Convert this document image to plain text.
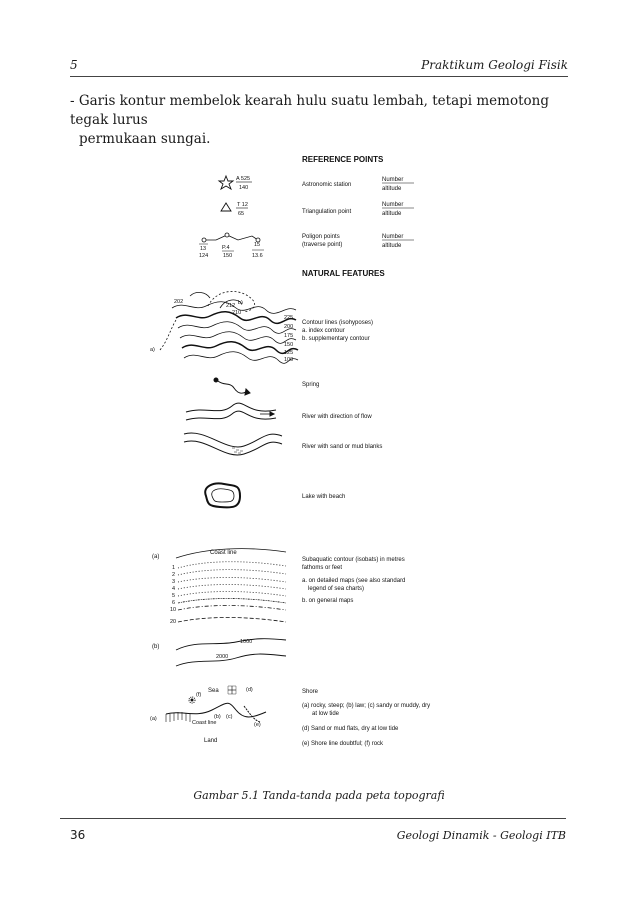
5	Praktikum Geologi Fisik
- Garis kontur membelok kearah hulu suatu lembah, tetapi memotong tegak lurus
permukaan sungai.
REFERENCE POINTS
A 525
140	Astronomic station
Number
altitude
T 12
65	Triangulation point
Number
altitude
13
124
P.4
150
15
13.6
Poligon points
(traverse point)
Number
altitude
NATURAL FEATURES
202
212
210
b)
a)
225
200
175
150
125
100
Contour lines (isohyposes)
a. index contour
b. supplementary contour
Spring
River with direction of flow
River with sand or mud blanks
Lake with beach
(a)
Coast line
1
2
3
4
5
6
10
20
Subaquatic contour (isobats) in metres
fathoms or feet
a. on detailed maps (see also standard
legend of sea charts)
b. on general maps
(b)
1000
2000
Sea
Land
Coast line
(a)	(b) (c)
(d)
(e)
(f)	Shore
(a) rocky, steep; (b) law; (c) sandy or muddy, dry
at low tide
(d) Sand or mud flats, dry at low tide
(e) Shore line doubtful; (f) rock
Gambar 5.1 Tanda-tanda pada peta topografi
36	Geologi Dinamik - Geologi ITB
